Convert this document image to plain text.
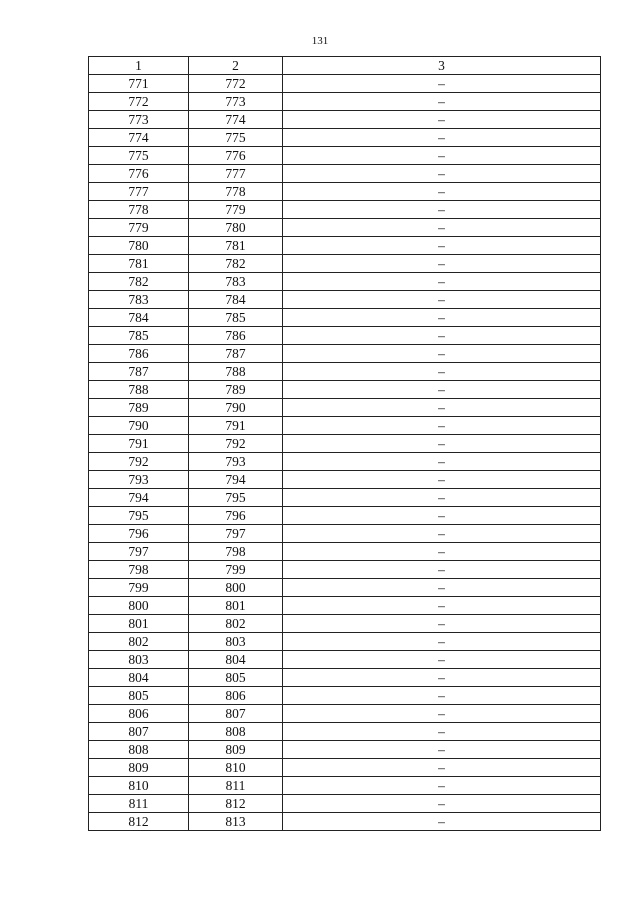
131
1	2	3
771	772	–
772	773	–
773	774	–
774	775	–
775	776	–
776	777	–
777	778	–
778	779	–
779	780	–
780	781	–
781	782	–
782	783	–
783	784	–
784	785	–
785	786	–
786	787	–
787	788	–
788	789	–
789	790	–
790	791	–
791	792	–
792	793	–
793	794	–
794	795	–
795	796	–
796	797	–
797	798	–
798	799	–
799	800	–
800	801	–
801	802	–
802	803	–
803	804	–
804	805	–
805	806	–
806	807	–
807	808	–
808	809	–
809	810	–
810	811	–
811	812	–
812	813	–
